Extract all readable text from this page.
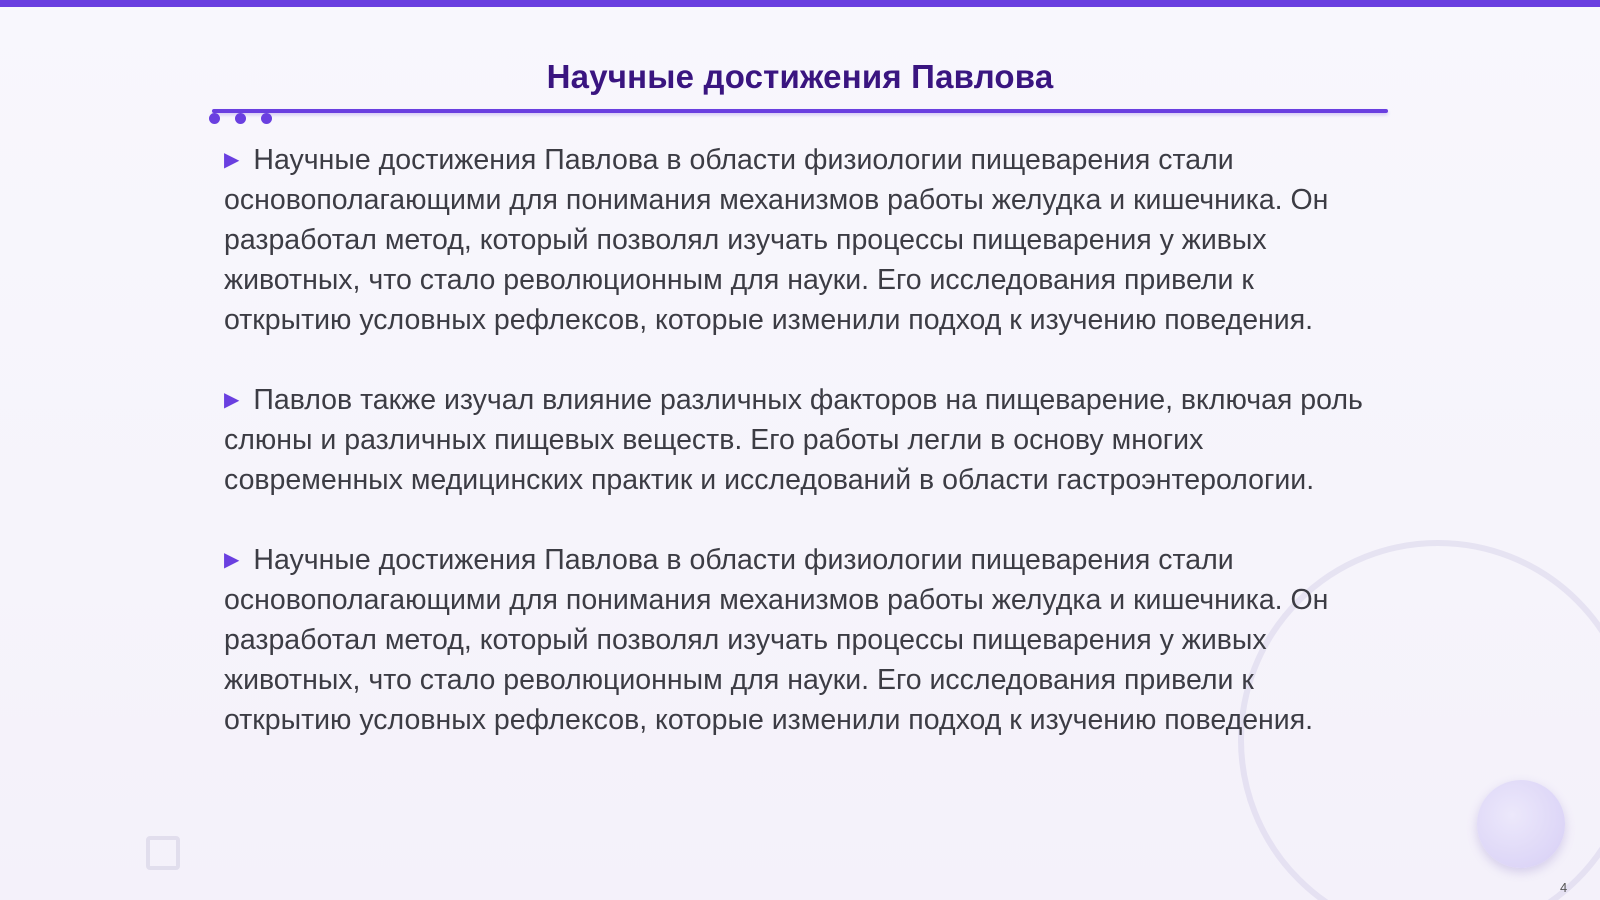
Научные достижения Павлова

▶ Научные достижения Павлова в области физиологии пищеварения стали основополагающими для понимания механизмов работы желудка и кишечника. Он разработал метод, который позволял изучать процессы пищеварения у живых животных, что стало революционным для науки. Его исследования привели к открытию условных рефлексов, которые изменили подход к изучению поведения.

▶ Павлов также изучал влияние различных факторов на пищеварение, включая роль слюны и различных пищевых веществ. Его работы легли в основу многих современных медицинских практик и исследований в области гастроэнтерологии.

▶ Научные достижения Павлова в области физиологии пищеварения стали основополагающими для понимания механизмов работы желудка и кишечника. Он разработал метод, который позволял изучать процессы пищеварения у живых животных, что стало революционным для науки. Его исследования привели к открытию условных рефлексов, которые изменили подход к изучению поведения.

4
